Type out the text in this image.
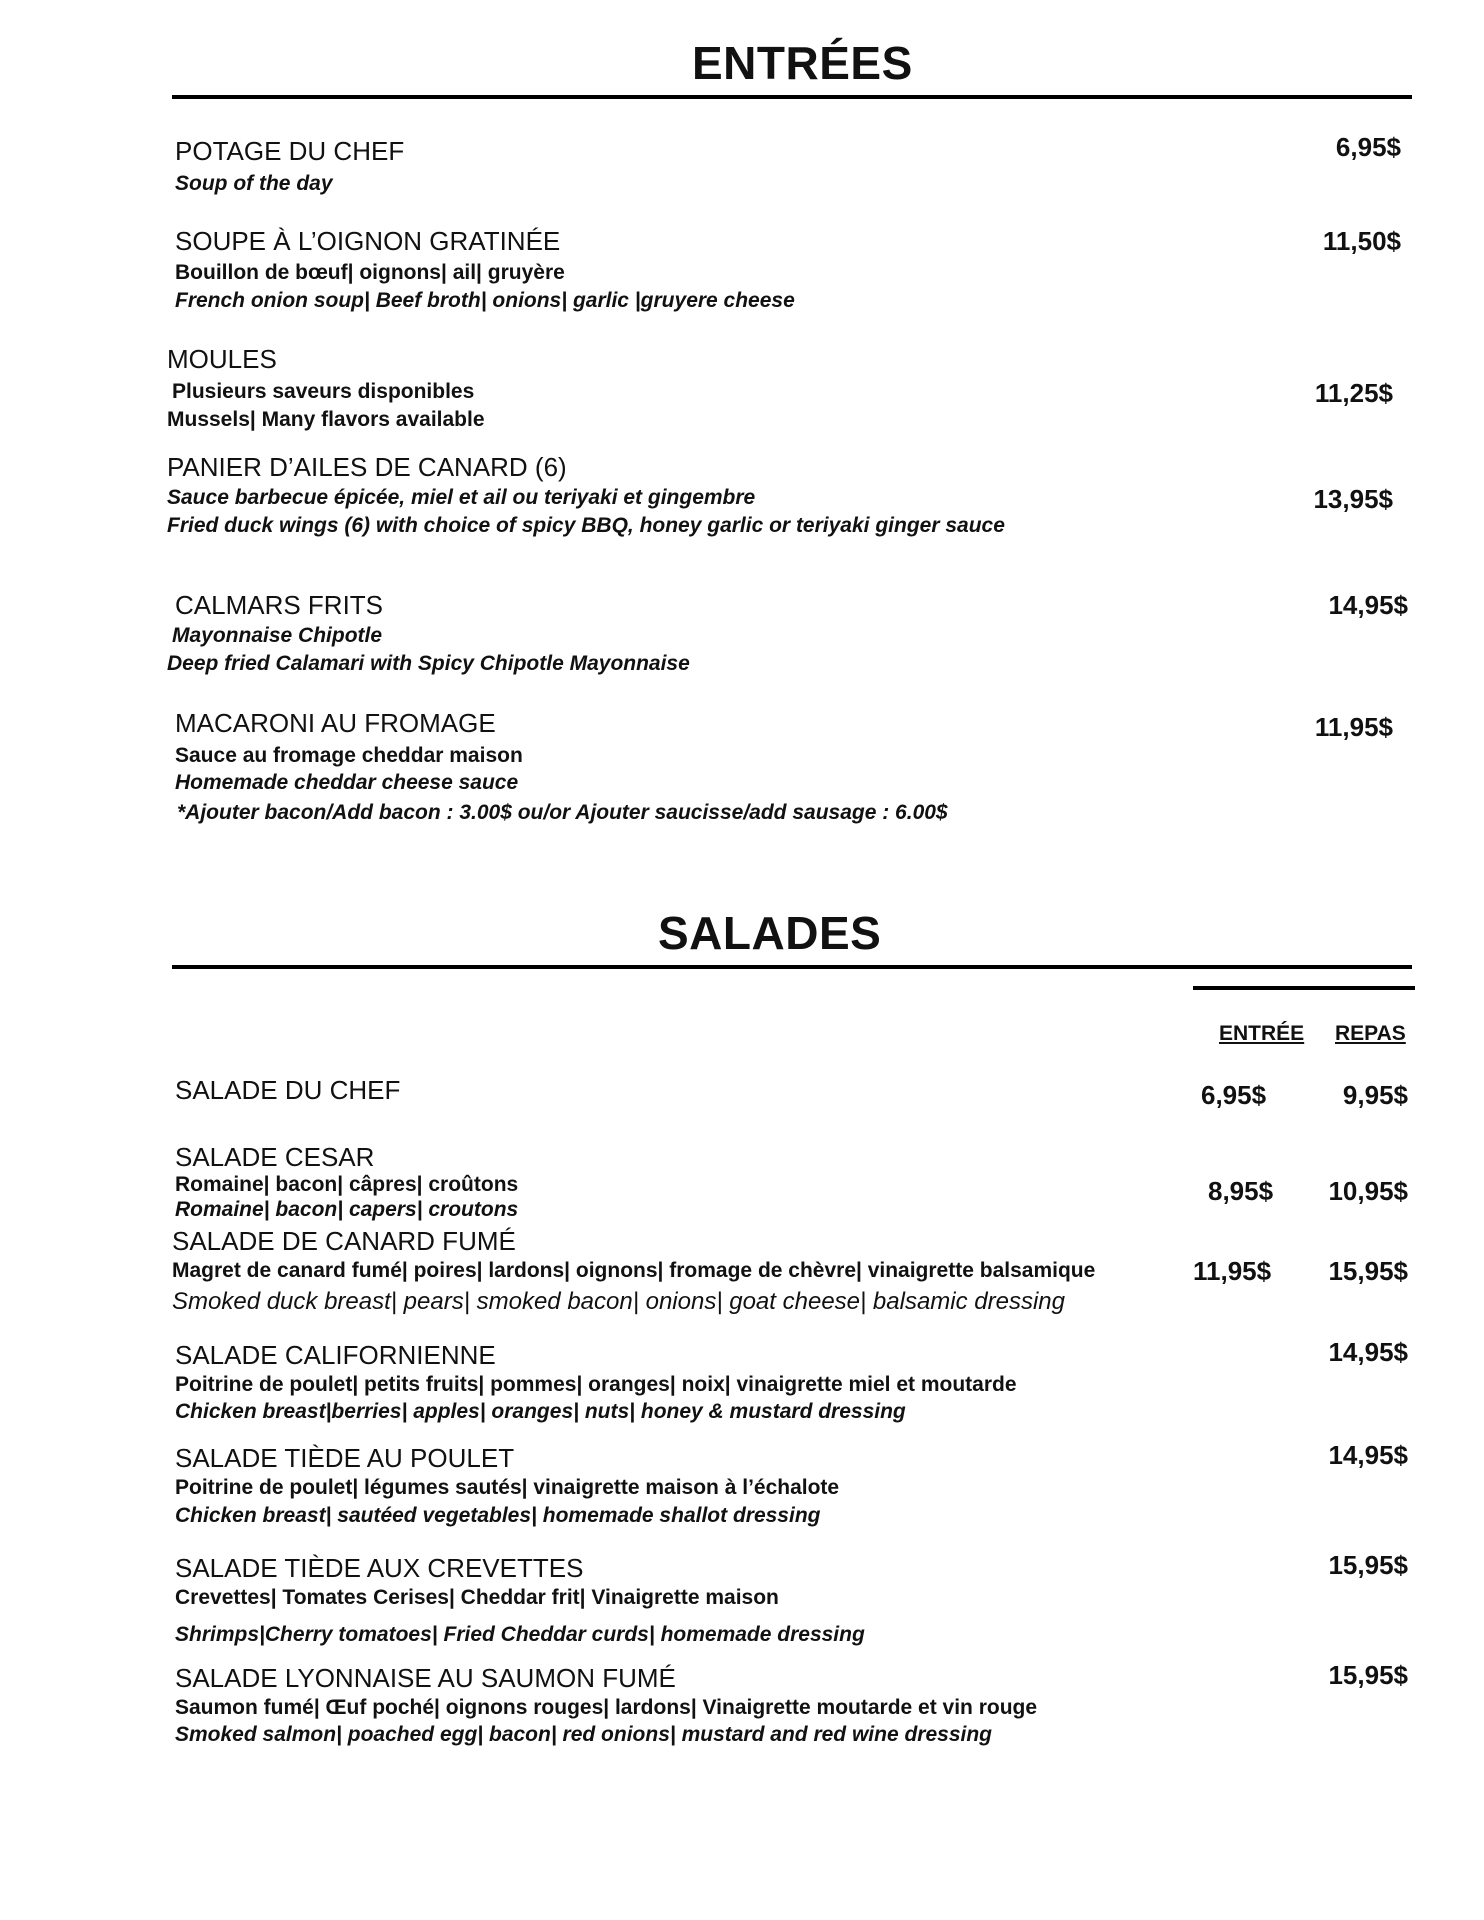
ENTRÉES
POTAGE DU CHEF
Soup of the day
6,95$
SOUPE À L’OIGNON GRATINÉE
Bouillon de bœuf| oignons| ail| gruyère
French onion soup| Beef broth| onions| garlic |gruyere cheese
11,50$
MOULES
Plusieurs saveurs disponibles
Mussels| Many flavors available
11,25$
PANIER D’AILES DE CANARD (6)
Sauce barbecue épicée, miel et ail ou teriyaki et gingembre
Fried duck wings (6) with choice of spicy BBQ, honey garlic or teriyaki ginger sauce
13,95$
CALMARS FRITS
Mayonnaise Chipotle
Deep fried Calamari with Spicy Chipotle Mayonnaise
14,95$
MACARONI AU FROMAGE
Sauce au fromage cheddar maison
Homemade cheddar cheese sauce
*Ajouter bacon/Add bacon : 3.00$ ou/or Ajouter saucisse/add sausage : 6.00$
11,95$
SALADES
ENTRÉE REPAS
SALADE DU CHEF	6,95$	9,95$
SALADE CESAR
Romaine| bacon| câpres| croûtons
Romaine| bacon| capers| croutons
8,95$ 10,95$
SALADE DE CANARD FUMÉ
Magret de canard fumé| poires| lardons| oignons| fromage de chèvre| vinaigrette balsamique
Smoked duck breast| pears| smoked bacon| onions| goat cheese| balsamic dressing
11,95$ 15,95$
SALADE CALIFORNIENNE
Poitrine de poulet| petits fruits| pommes| oranges| noix| vinaigrette miel et moutarde
Chicken breast|berries| apples| oranges| nuts| honey & mustard dressing
14,95$
SALADE TIÈDE AU POULET
Poitrine de poulet| légumes sautés| vinaigrette maison à l’échalote
Chicken breast| sautéed vegetables| homemade shallot dressing
14,95$
SALADE TIÈDE AUX CREVETTES
Crevettes| Tomates Cerises| Cheddar frit| Vinaigrette maison
Shrimps|Cherry tomatoes| Fried Cheddar curds| homemade dressing
15,95$
SALADE LYONNAISE AU SAUMON FUMÉ
Saumon fumé| Œuf poché| oignons rouges| lardons| Vinaigrette moutarde et vin rouge
Smoked salmon| poached egg| bacon| red onions| mustard and red wine dressing
15,95$
